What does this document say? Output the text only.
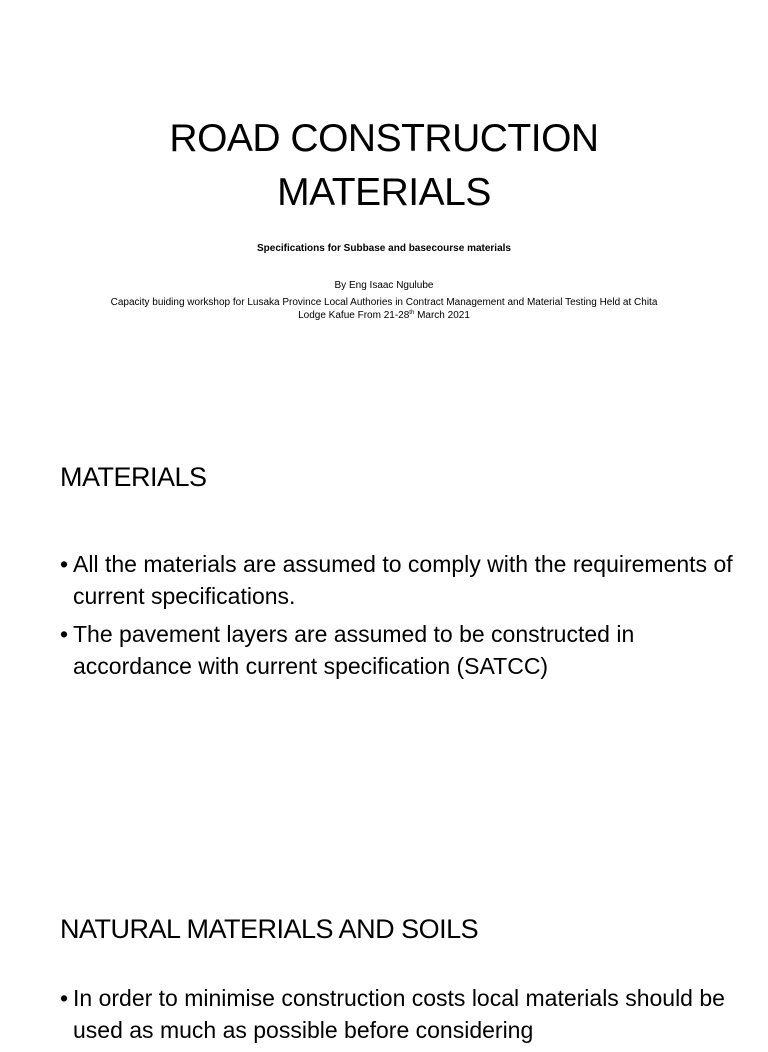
ROAD CONSTRUCTION
MATERIALS
Specifications for Subbase and basecourse materials
By Eng Isaac Ngulube
Capacity buiding workshop for Lusaka Province Local Authories in Contract Management and Material Testing Held at Chita Lodge Kafue From 21-28th March 2021
MATERIALS
• All the materials are assumed to comply with the requirements of current specifications.
• The pavement layers are assumed to be constructed in accordance with current specification (SATCC)
NATURAL MATERIALS AND SOILS
• In order to minimise construction costs local materials should be used as much as possible before considering
